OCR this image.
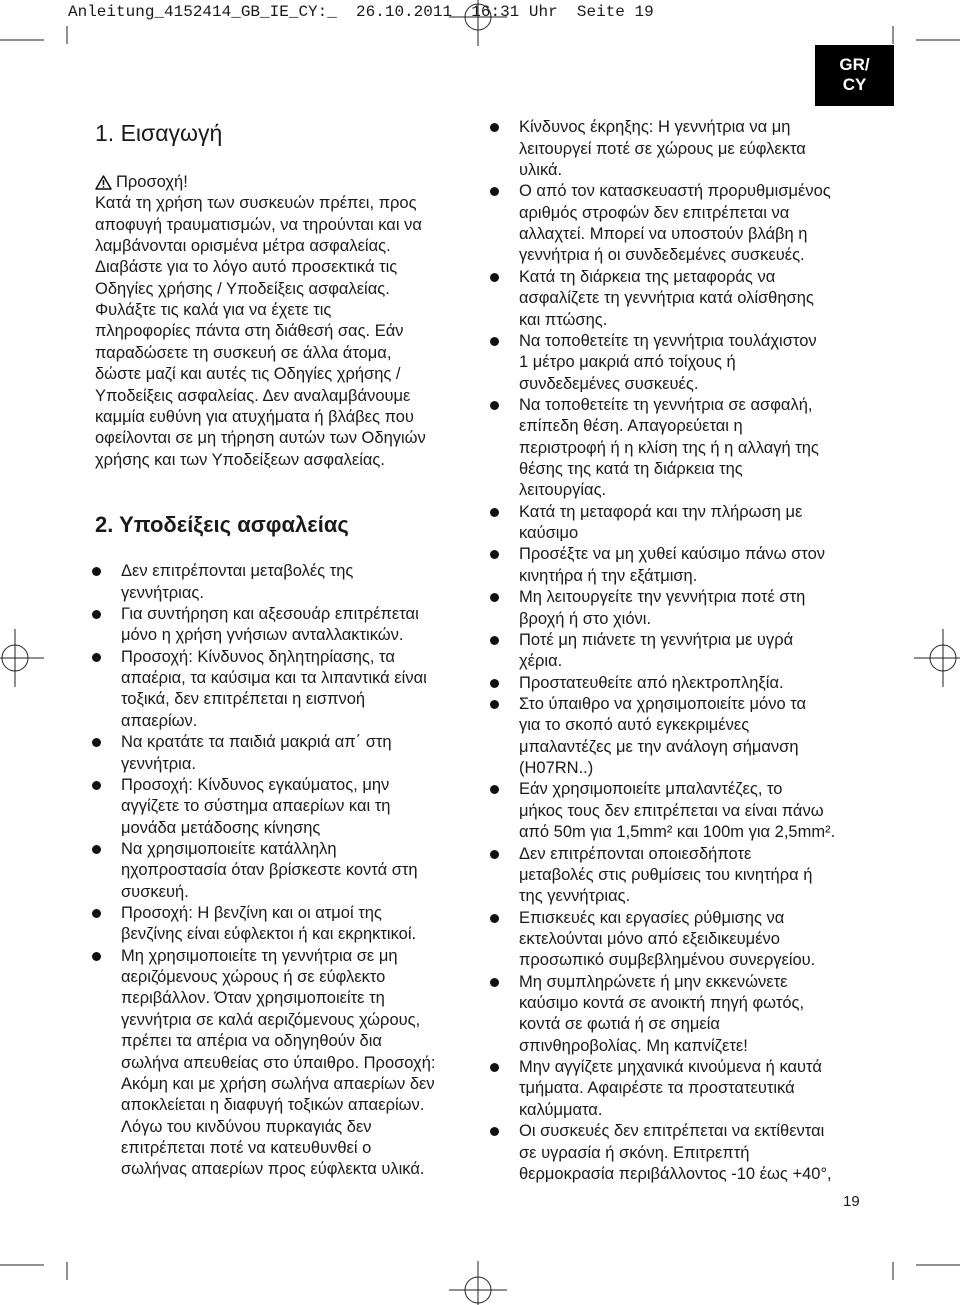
Anleitung_4152414_GB_IE_CY:_  26.10.2011  16:31 Uhr  Seite 19
GR/
CY
1. Εισαγωγή
Προσοχή!
Κατά τη χρήση των συσκευών πρέπει, προς
αποφυγή τραυματισμών, να τηρούνται και να
λαμβάνονται ορισμένα μέτρα ασφαλείας.
Διαβάστε για το λόγο αυτό προσεκτικά τις
Οδηγίες χρήσης / Υποδείξεις ασφαλείας.
Φυλάξτε τις καλά για να έχετε τις
πληροφορίες πάντα στη διάθεσή σας. Εάν
παραδώσετε τη συσκευή σε άλλα άτομα,
δώστε μαζί και αυτές τις Οδηγίες χρήσης /
Υποδείξεις ασφαλείας. Δεν αναλαμβάνουμε
καμμία ευθύνη για ατυχήματα ή βλάβες που
οφείλονται σε μη τήρηση αυτών των Οδηγιών
χρήσης και των Υποδείξεων ασφαλείας.
2. Υποδείξεις ασφαλείας
Δεν επιτρέπονται μεταβολές της
γεννήτριας.
Για συντήρηση και αξεσουάρ επιτρέπεται
μόνο η χρήση γνήσιων ανταλλακτικών.
Προσοχή: Κίνδυνος δηλητηρίασης, τα
απαέρια, τα καύσιμα και τα λιπαντικά είναι
τοξικά, δεν επιτρέπεται η εισπνοή
απαερίων.
Να κρατάτε τα παιδιά μακριά απ΄ στη
γεννήτρια.
Προσοχή: Κίνδυνος εγκαύματος, μην
αγγίζετε το σύστημα απαερίων και τη
μονάδα μετάδοσης κίνησης
Να χρησιμοποιείτε κατάλληλη
ηχοπροστασία όταν βρίσκεστε κοντά στη
συσκευή.
Προσοχή: Η βενζίνη και οι ατμοί της
βενζίνης είναι εύφλεκτοι ή και εκρηκτικοί.
Μη χρησιμοποιείτε τη γεννήτρια σε μη
αεριζόμενους χώρους ή σε εύφλεκτο
περιβάλλον. Όταν χρησιμοποιείτε τη
γεννήτρια σε καλά αεριζόμενους χώρους,
πρέπει τα απέρια να οδηγηθούν δια
σωλήνα απευθείας στο ύπαιθρο. Προσοχή:
Ακόμη και με χρήση σωλήνα απαερίων δεν
αποκλείεται η διαφυγή τοξικών απαερίων.
Λόγω του κινδύνου πυρκαγιάς δεν
επιτρέπεται ποτέ να κατευθυνθεί ο
σωλήνας απαερίων προς εύφλεκτα υλικά.
Κίνδυνος έκρηξης: Η γεννήτρια να μη
λειτουργεί ποτέ σε χώρους με εύφλεκτα
υλικά.
Ο από τον κατασκευαστή προρυθμισμένος
αριθμός στροφών δεν επιτρέπεται να
αλλαχτεί. Μπορεί να υποστούν βλάβη η
γεννήτρια ή οι συνδεδεμένες συσκευές.
Κατά τη διάρκεια της μεταφοράς να
ασφαλίζετε τη γεννήτρια κατά ολίσθησης
και πτώσης.
Να τοποθετείτε τη γεννήτρια τουλάχιστον
1 μέτρο μακριά από τοίχους ή
συνδεδεμένες συσκευές.
Να τοποθετείτε τη γεννήτρια σε ασφαλή,
επίπεδη θέση. Απαγορεύεται η
περιστροφή ή η κλίση της ή η αλλαγή της
θέσης της κατά τη διάρκεια της
λειτουργίας.
Κατά τη μεταφορά και την πλήρωση με
καύσιμο
Προσέξτε να μη χυθεί καύσιμο πάνω στον
κινητήρα ή την εξάτμιση.
Μη λειτουργείτε την γεννήτρια ποτέ στη
βροχή ή στο χιόνι.
Ποτέ μη πιάνετε τη γεννήτρια με υγρά
χέρια.
Προστατευθείτε από ηλεκτροπληξία.
Στο ύπαιθρο να χρησιμοποιείτε μόνο τα
για το σκοπό αυτό εγκεκριμένες
μπαλαντέζες με την ανάλογη σήμανση
(H07RN..)
Εάν χρησιμοποιείτε μπαλαντέζες, το
μήκος τους δεν επιτρέπεται να είναι πάνω
από 50m για 1,5mm² και 100m για 2,5mm².
Δεν επιτρέπονται οποιεσδήποτε
μεταβολές στις ρυθμίσεις του κινητήρα ή
της γεννήτριας.
Επισκευές και εργασίες ρύθμισης να
εκτελούνται μόνο από εξειδικευμένο
προσωπικό συμβεβλημένου συνεργείου.
Μη συμπληρώνετε ή μην εκκενώνετε
καύσιμο κοντά σε ανοικτή πηγή φωτός,
κοντά σε φωτιά ή σε σημεία
σπινθηροβολίας. Μη καπνίζετε!
Μην αγγίζετε μηχανικά κινούμενα ή καυτά
τμήματα. Αφαιρέστε τα προστατευτικά
καλύμματα.
Οι συσκευές δεν επιτρέπεται να εκτίθενται
σε υγρασία ή σκόνη. Επιτρεπτή
θερμοκρασία περιβάλλοντος -10 έως +40°,
19
